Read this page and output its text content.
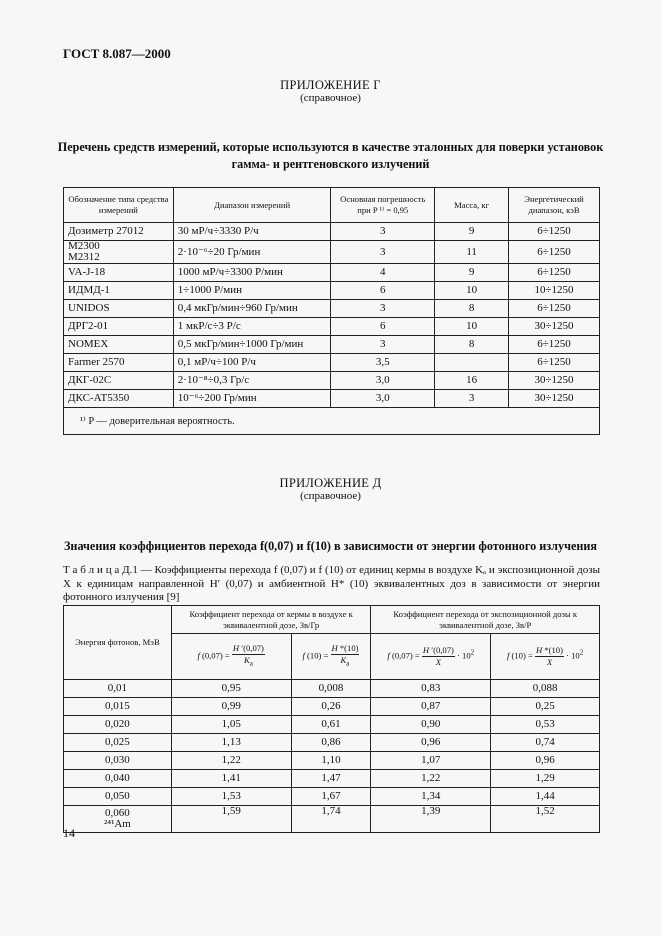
ГОСТ 8.087—2000
ПРИЛОЖЕНИЕ Г
(справочное)
Перечень средств измерений, которые используются в качестве эталонных для поверки установок
гамма- и рентгеновского излучений
Обозначение типа средства измерений	Диапазон измерений	Основная погрешность при P ¹⁾ = 0,95	Масса, кг	Энергетический диапазон, кэВ
Дозиметр 27012	30 мР/ч÷3330 Р/ч	3	9	6÷1250
M2300
M2312	2·10⁻⁶÷20 Гр/мин	3	11	6÷1250
VA-J-18	1000 мР/ч÷3300 Р/мин	4	9	6÷1250
ИДМД-1	1÷1000 Р/мин	6	10	10÷1250
UNIDOS	0,4 мкГр/мин÷960 Гр/мин	3	8	6÷1250
ДРГ2-01	1 мкР/с÷3 Р/с	6	10	30÷1250
NOMEX	0,5 мкГр/мин÷1000 Гр/мин	3	8	6÷1250
Farmer 2570	0,1 мР/ч÷100 Р/ч	3,5		6÷1250
ДКГ-02С	2·10⁻⁸÷0,3 Гр/с	3,0	16	30÷1250
ДКС-АТ5350	10⁻⁶÷200 Гр/мин	3,0	3	30÷1250
¹⁾ P — доверительная вероятность.				
ПРИЛОЖЕНИЕ Д
(справочное)
Значения коэффициентов перехода f(0,07) и f(10) в зависимости от энергии фотонного излучения
Т а б л и ц а Д.1 — Коэффициенты перехода f (0,07) и f (10) от единиц кермы в воздухе Kₐ и экспозиционной дозы X к единицам направленной H′ (0,07) и амбиентной H* (10) эквивалентных доз в зависимости от энергии фотонного излучения [9]
Энергия фотонов, МэВ	Коэффициент перехода от кермы в воздухе к эквивалентной дозе, Зв/Гр		Коэффициент перехода от экспозиционной дозы к эквивалентной дозе, Зв/Р	
	f $(0,07) = \frac{H '(0,07)}{K_a}$	f $(10) = \frac{H *(10)}{K_a}$	f $(0,07) = \frac{H '(0,07)}{X} \cdot 10^2$	f $(10) = \frac{H *(10)}{X} \cdot 10^2$
0,01	0,95	0,008	0,83	0,088
0,015	0,99	0,26	0,87	0,25
0,020	1,05	0,61	0,90	0,53
0,025	1,13	0,86	0,96	0,74
0,030	1,22	1,10	1,07	0,96
0,040	1,41	1,47	1,22	1,29
0,050	1,53	1,67	1,34	1,44

0,060
²⁴¹Am	1,59	1,74	1,39	1,52
14
